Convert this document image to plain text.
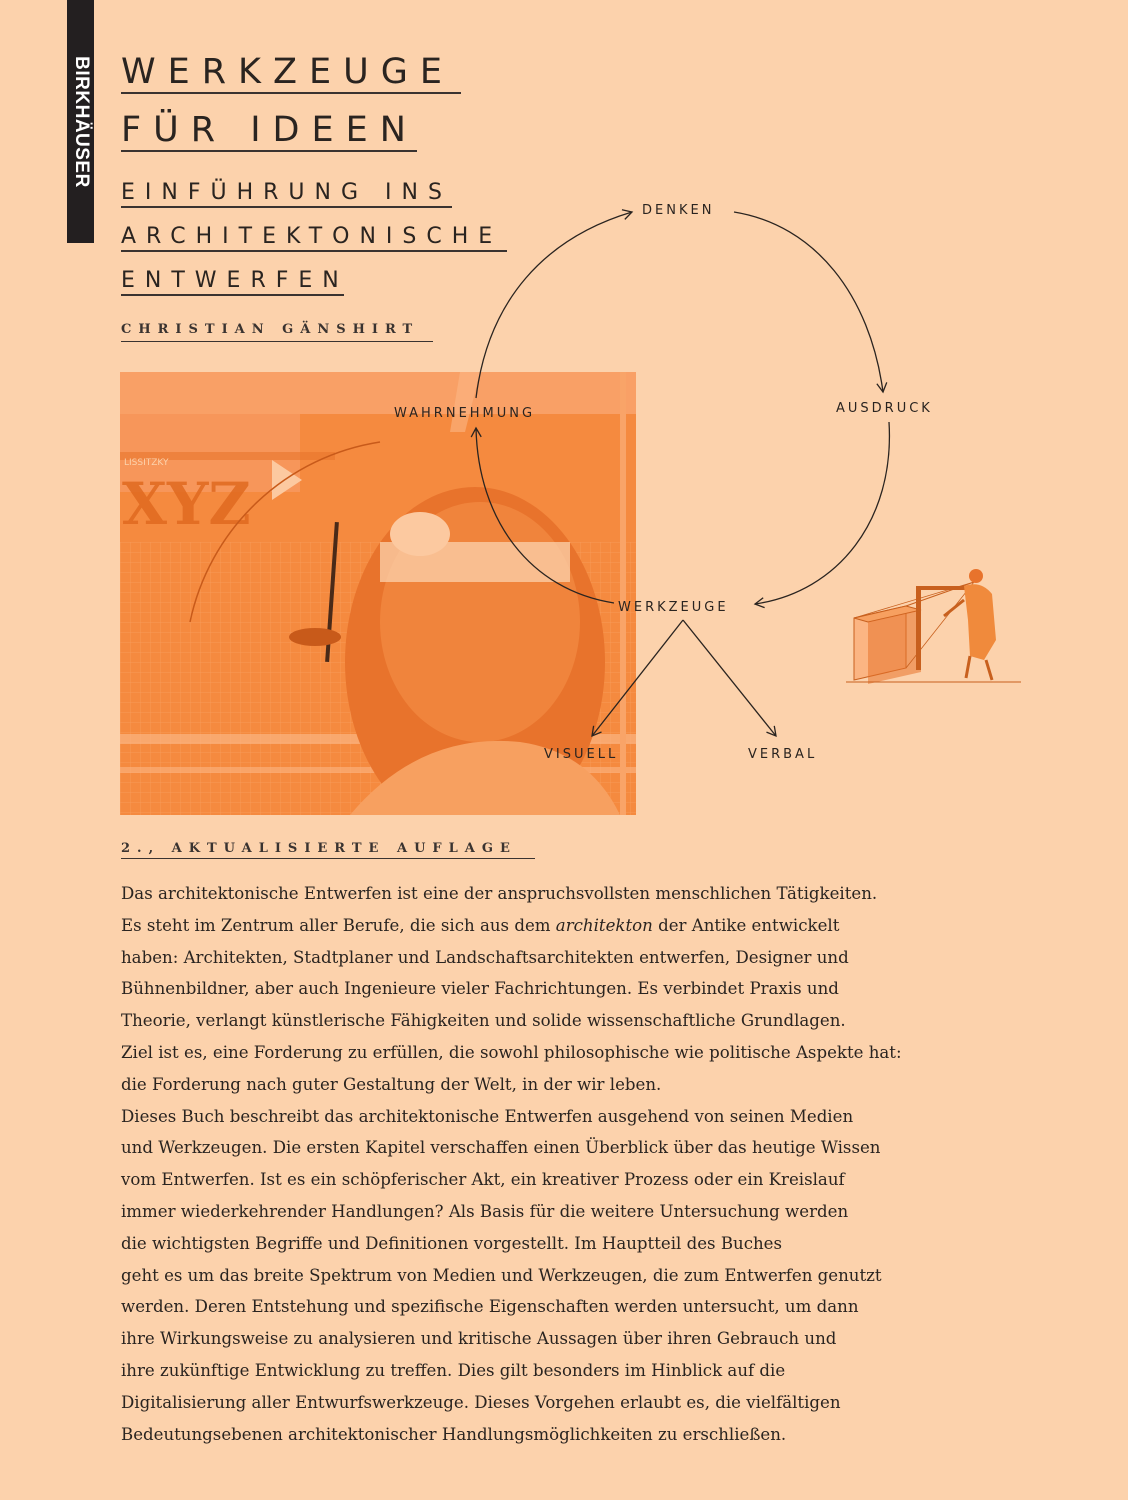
BIRKHÄUSER WERKZEUGE
FÜR IDEEN
EINFÜHRUNG INS
ARCHITEKTONISCHE
ENTWERFEN
CHRISTIAN GÄNSHIRT
LISSITZKY
XYZ
DENKEN
AUSDRUCK
WAHRNEHMUNG
WERKZEUGE
VISUELL	VERBAL
2., AKTUALISIERTE AUFLAGE

Das architektonische Entwerfen ist eine der anspruchsvollsten menschlichen Tätigkeiten.

Es steht im Zentrum aller Berufe, die sich aus dem architekton der Antike entwickelt

haben: Architekten, Stadtplaner und Landschaftsarchitekten entwerfen, Designer und

Bühnenbildner, aber auch Ingenieure vieler Fachrichtungen. Es verbindet Praxis und

Theorie, verlangt künstlerische Fähigkeiten und solide wissenschaftliche Grundlagen.

Ziel ist es, eine Forderung zu erfüllen, die sowohl philosophische wie politische Aspekte hat:

die Forderung nach guter Gestaltung der Welt, in der wir leben.

Dieses Buch beschreibt das architektonische Entwerfen ausgehend von seinen Medien

und Werkzeugen. Die ersten Kapitel verschaffen einen Überblick über das heutige Wissen

vom Entwerfen. Ist es ein schöpferischer Akt, ein kreativer Prozess oder ein Kreislauf

immer wiederkehrender Handlungen? Als Basis für die weitere Untersuchung werden

die wichtigsten Begriffe und Definitionen vorgestellt. Im Hauptteil des Buches

geht es um das breite Spektrum von Medien und Werkzeugen, die zum Entwerfen genutzt

werden. Deren Entstehung und spezifische Eigenschaften werden untersucht, um dann

ihre Wirkungsweise zu analysieren und kritische Aussagen über ihren Gebrauch und

ihre zukünftige Entwicklung zu treffen. Dies gilt besonders im Hinblick auf die

Digitalisierung aller Entwurfswerkzeuge. Dieses Vorgehen erlaubt es, die vielfältigen

Bedeutungsebenen architektonischer Handlungsmöglichkeiten zu erschließen.
